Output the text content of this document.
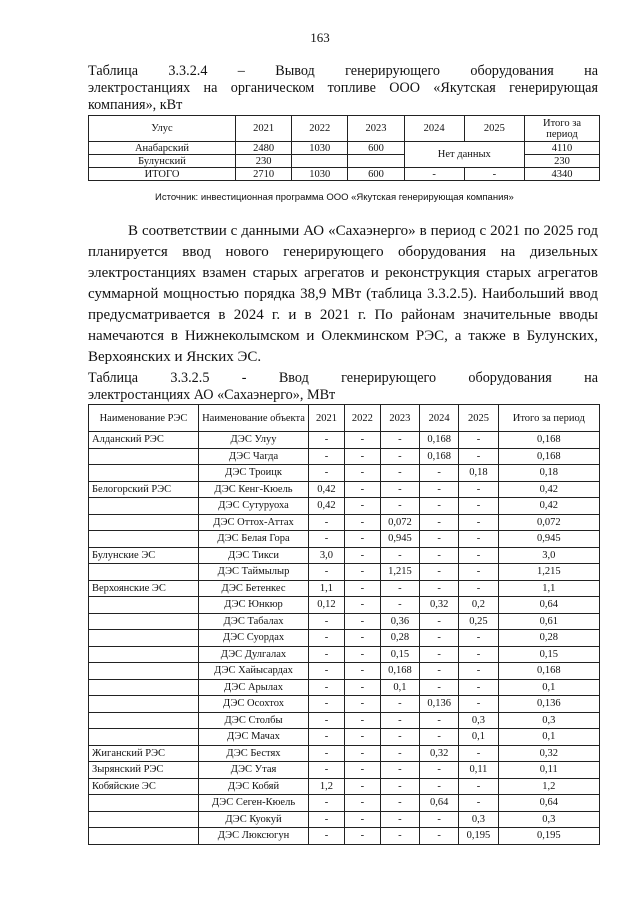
163
Таблица 3.3.2.4 – Вывод генерирующего оборудования на
электростанциях на органическом топливе ООО «Якутская генерирующая компания», кВт
Улус	2021	2022	2023	2024	2025	Итого за период
Анабарский	2480	1030	600	Нет данных		4110
Булунский	230					230
ИТОГО	2710	1030	600	-	-	4340
Источник: инвестиционная программа ООО «Якутская генерирующая компания»
В соответствии с данными АО «Сахаэнерго» в период с 2021 по 2025 год планируется ввод нового генерирующего оборудования на дизельных электростанциях взамен старых агрегатов и реконструкция старых агрегатов суммарной мощностью порядка 38,9 МВт (таблица 3.3.2.5). Наибольший ввод предусматривается в 2024 г. и в 2021 г. По районам значительные вводы намечаются в Нижнеколымском и Олекминском РЭС, а также в Булунских, Верхоянских и Янских ЭС.
Таблица 3.3.2.5 - Ввод генерирующего оборудования на
электростанциях АО «Сахаэнерго», МВт
Наименование РЭС	Наименование объекта	2021	2022	2023	2024	2025	Итого за период
Алданский РЭС	ДЭС Улуу	-	-	-	0,168	-	0,168
	ДЭС Чагда	-	-	-	0,168	-	0,168
	ДЭС Троицк	-	-	-	-	0,18	0,18
Белогорский РЭС	ДЭС Кенг-Кюель	0,42	-	-	-	-	0,42
	ДЭС Сутуруоха	0,42	-	-	-	-	0,42
	ДЭС Оттох-Аттах	-	-	0,072	-	-	0,072
	ДЭС Белая Гора	-	-	0,945	-	-	0,945
Булунские ЭС	ДЭС Тикси	3,0	-	-	-	-	3,0
	ДЭС Таймылыр	-	-	1,215	-	-	1,215
Верхоянские ЭС	ДЭС Бетенкес	1,1	-	-	-	-	1,1
	ДЭС Юнкюр	0,12	-	-	0,32	0,2	0,64
	ДЭС Табалах	-	-	0,36	-	0,25	0,61
	ДЭС Суордах	-	-	0,28	-	-	0,28
	ДЭС Дулгалах	-	-	0,15	-	-	0,15
	ДЭС Хайысардах	-	-	0,168	-	-	0,168
	ДЭС Арылах	-	-	0,1	-	-	0,1
	ДЭС Осохтох	-	-	-	0,136	-	0,136
	ДЭС Столбы	-	-	-	-	0,3	0,3
	ДЭС Мачах	-	-	-	-	0,1	0,1
Жиганский РЭС	ДЭС Бестях	-	-	-	0,32	-	0,32
Зырянский РЭС	ДЭС Утая	-	-	-	-	0,11	0,11
Кобяйские ЭС	ДЭС Кобяй	1,2	-	-	-	-	1,2
	ДЭС Сеген-Кюель	-	-	-	0,64	-	0,64
	ДЭС Куокуй	-	-	-	-	0,3	0,3
	ДЭС Люксюгун	-	-	-	-	0,195	0,195
